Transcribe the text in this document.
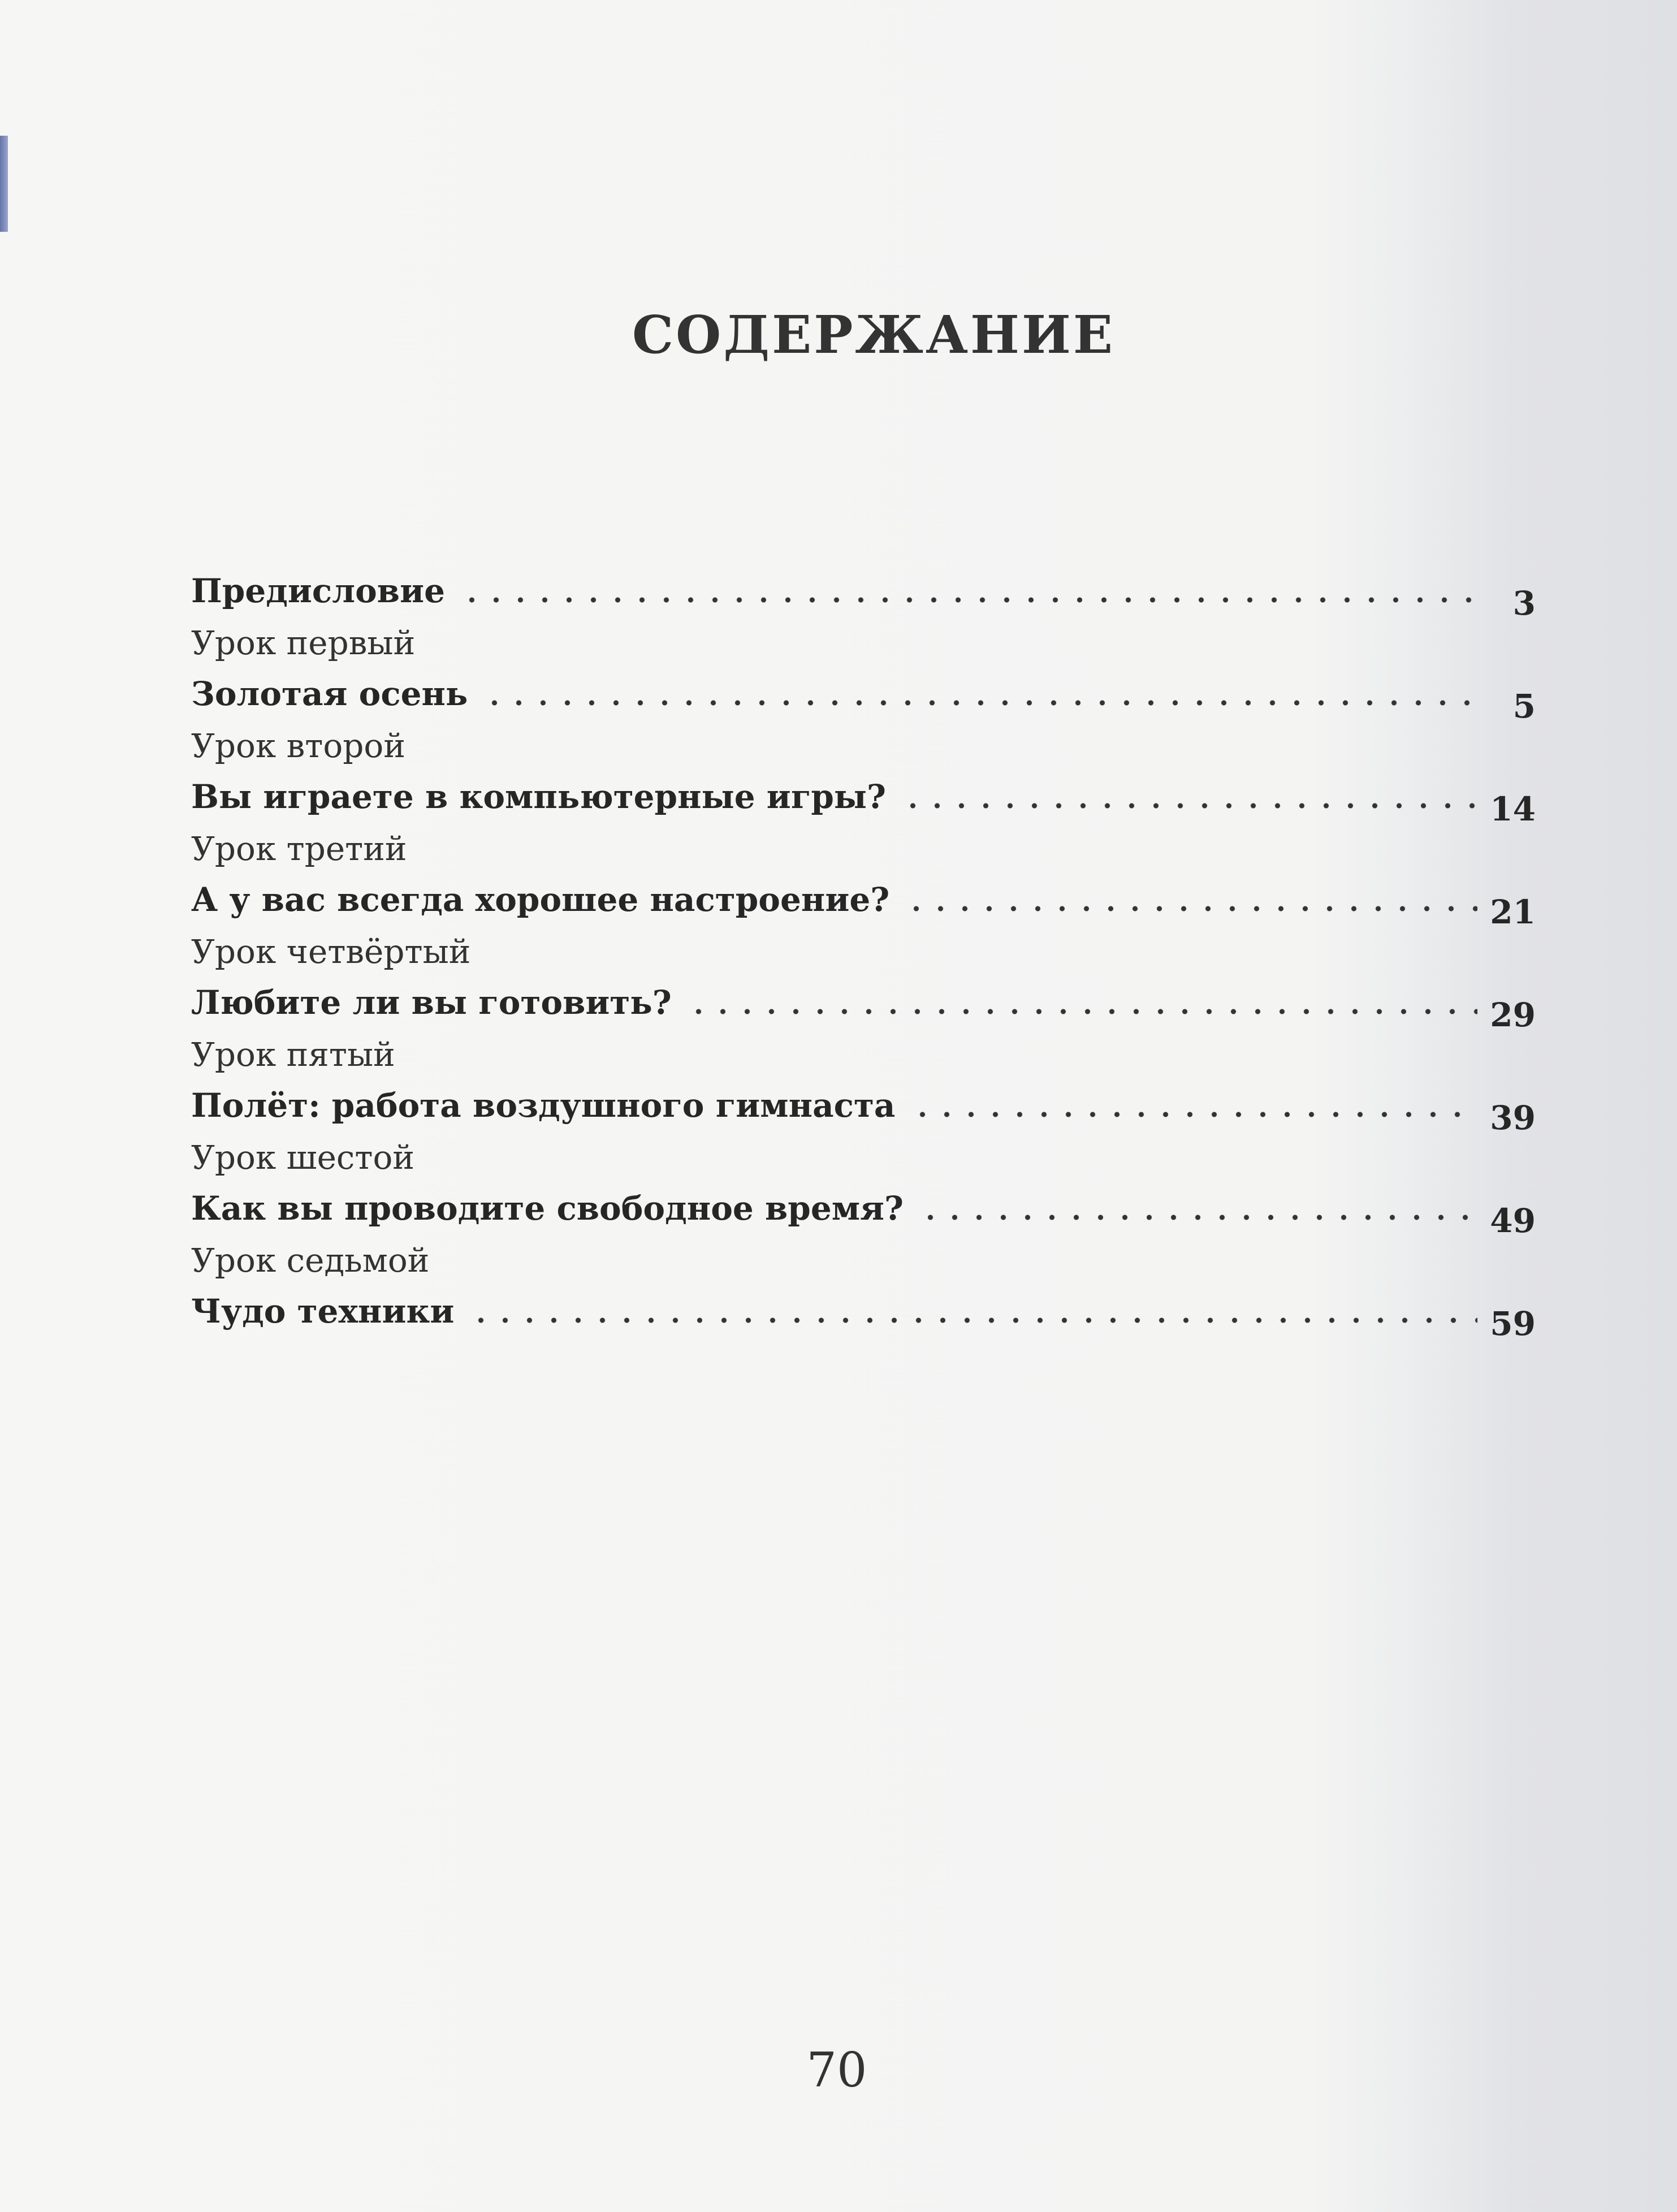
СОДЕРЖАНИЕ
Предисловие	3
Урок первый
Золотая осень	5
Урок второй
Вы играете в компьютерные игры?	14
Урок третий
А у вас всегда хорошее настроение?	21
Урок четвёртый
Любите ли вы готовить?	29
Урок пятый
Полёт: работа воздушного гимнаста	39
Урок шестой
Как вы проводите свободное время?	49
Урок седьмой
Чудо техники	59
70
